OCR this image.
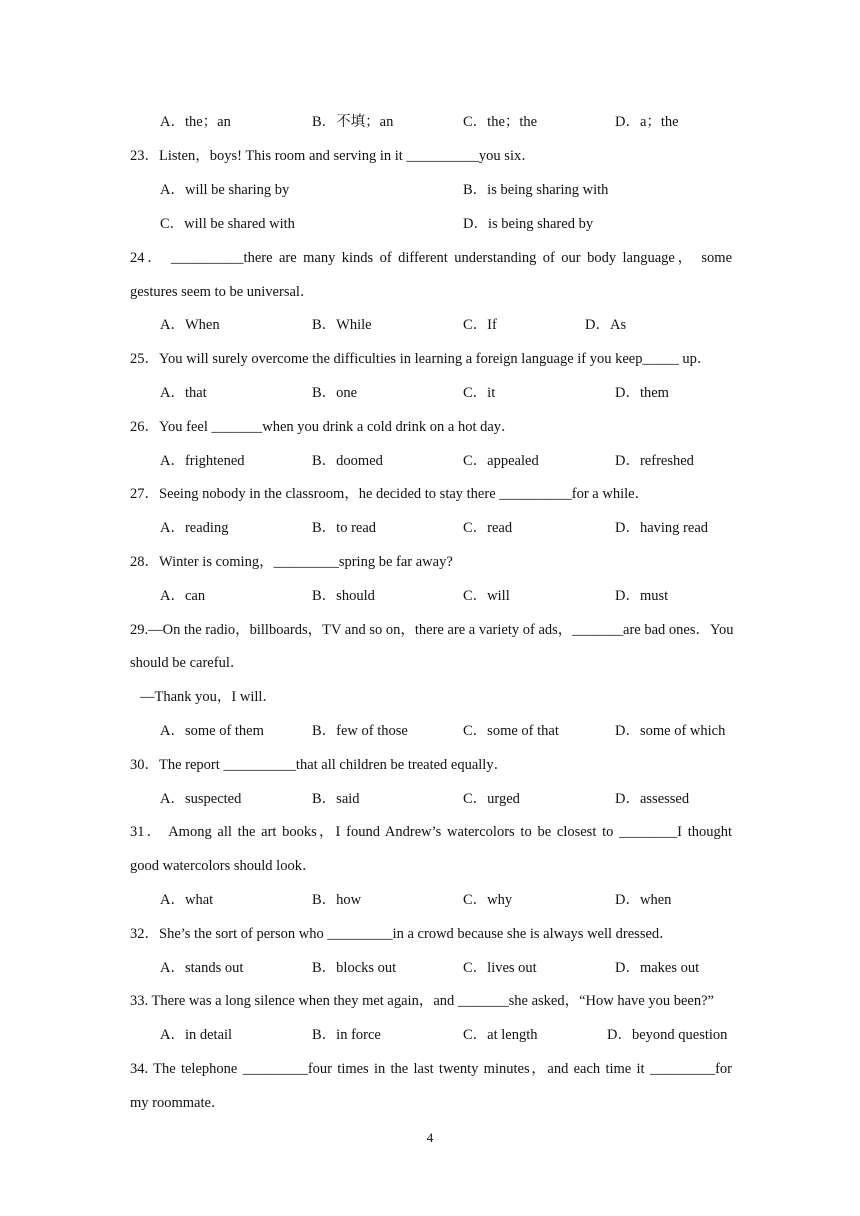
A．the；an	B．不填；an	C．the；the	D．a；the
23．Listen，boys! This room and serving in it __________you six．
A．will be sharing by	B．is being sharing with
C．will be shared with	D．is being shared by
24． __________there are many kinds of different understanding of our body language， some
gestures seem to be universal．
A．When	B．While	C．If	D．As
25．You will surely overcome the difficulties in learning a foreign language if you keep_____ up．
A．that	B．one	C．it	D．them
26．You feel _______when you drink a cold drink on a hot day．
A．frightened	B．doomed	C．appealed	D．refreshed
27．Seeing nobody in the classroom，he decided to stay there __________for a while．
A．reading	B．to read	C．read	D．having read
28．Winter is coming，_________spring be far away?
A．can	B．should	C．will	D．must
29.—On the radio，billboards，TV and so on，there are a variety of ads，_______are bad ones．You
should be careful．
—Thank you，I will．
A．some of them	B．few of those	C．some of that	D．some of which
30．The report __________that all children be treated equally．
A．suspected	B．said	C．urged	D．assessed
31． Among all the art books，I found Andrew’s watercolors to be closest to ________I thought
good watercolors should look．
A．what	B．how	C．why	D．when
32．She’s the sort of person who _________in a crowd because she is always well dressed．
A．stands out	B．blocks out	C．lives out	D．makes out
33. There was a long silence when they met again，and _______she asked，“How have you been?”
A．in detail	B．in force	C．at length	D．beyond question
34. The telephone _________four times in the last twenty minutes，and each time it _________for
my roommate．
4
